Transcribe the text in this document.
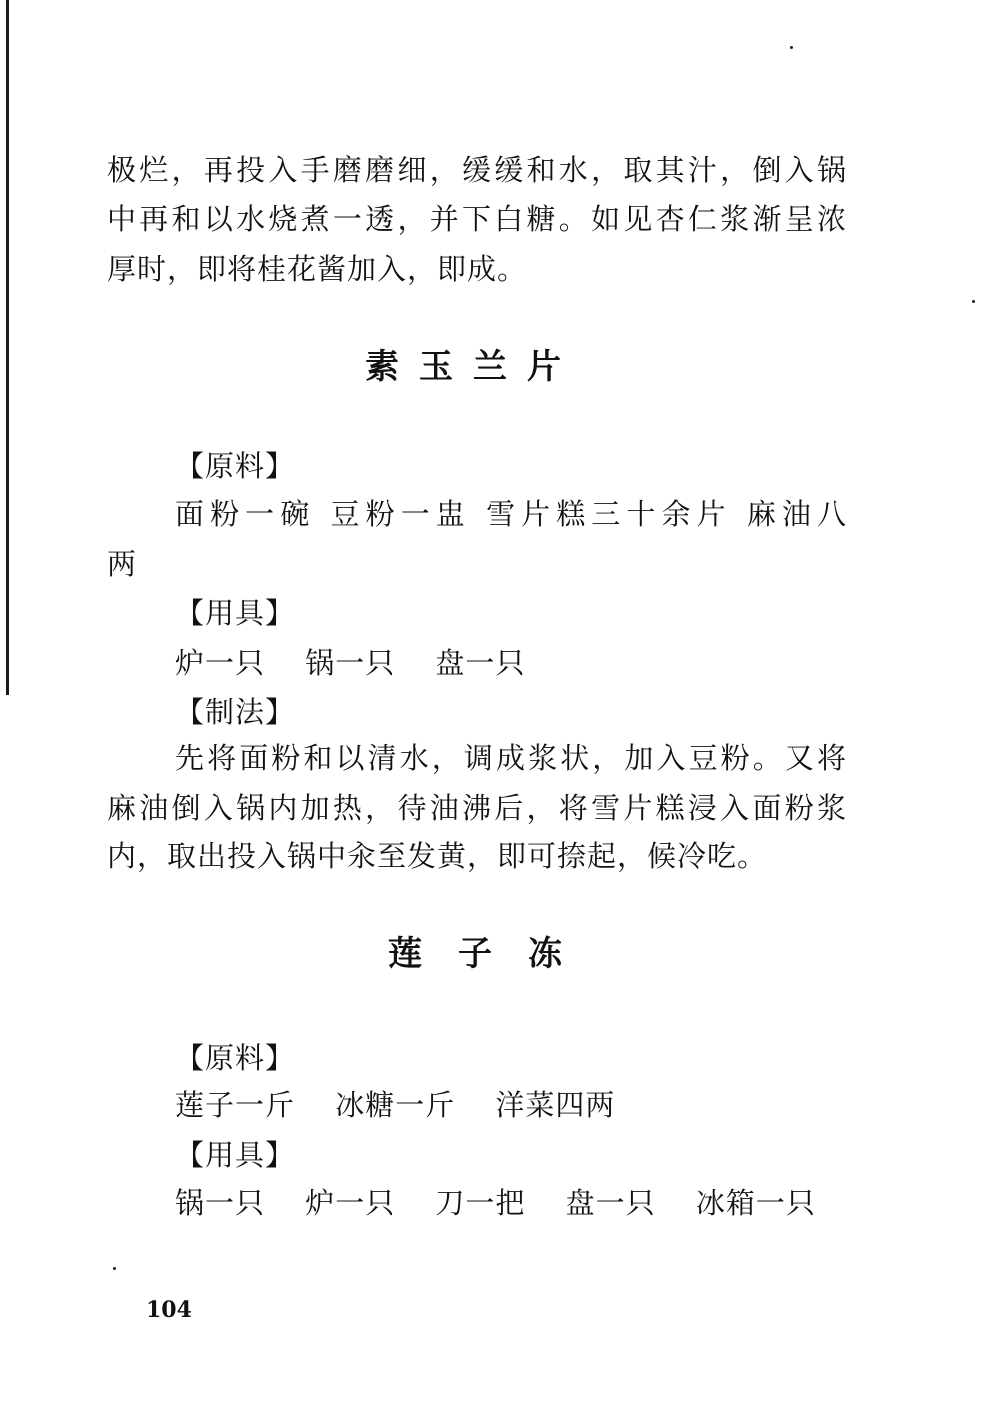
极烂，再投入手磨磨细，缓缓和水，取其汁，倒入锅
中再和以水烧煮一透，并下白糖。如见杏仁浆渐呈浓
厚时，即将桂花酱加入，即成。
素玉兰片
【原料】
面粉一碗 豆粉一盅 雪片糕三十余片 麻油八
两
【用具】
炉一只 锅一只 盘一只
【制法】
先将面粉和以清水，调成浆状，加入豆粉。又将
麻油倒入锅内加热，待油沸后，将雪片糕浸入面粉浆
内，取出投入锅中汆至发黄，即可捺起，候冷吃。
莲子冻
【原料】
莲子一斤 冰糖一斤 洋菜四两
【用具】
锅一只 炉一只 刀一把 盘一只 冰箱一只
104
